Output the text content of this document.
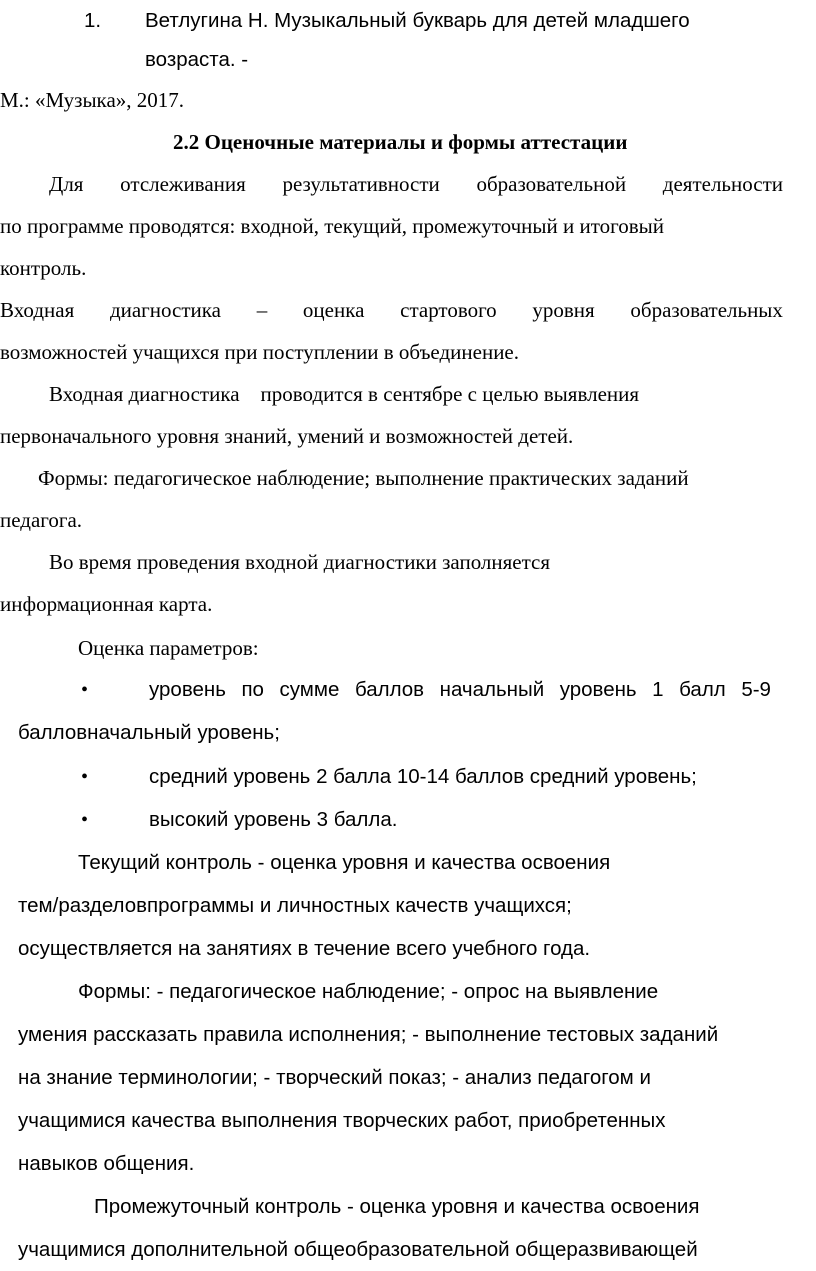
1. Ветлугина Н. Музыкальный букварь для детей младшего
возраста. -
М.: «Музыка», 2017.
2.2 Оценочные материалы и формы аттестации
Для отслеживания результативности образовательной деятельности
по программе проводятся: входной, текущий, промежуточный и итоговый
контроль.
Входная диагностика – оценка стартового уровня образовательных
возможностей учащихся при поступлении в объединение.
Входная диагностика    проводится в сентябре с целью выявления
первоначального уровня знаний, умений и возможностей детей.
Формы: педагогическое наблюдение; выполнение практических заданий
педагога.
Во время проведения входной диагностики заполняется
информационная карта.
Оценка параметров:
•	уровень по сумме баллов начальный уровень 1 балл 5-9
балловначальный уровень;
•	средний уровень 2 балла 10-14 баллов средний уровень;
•	высокий уровень 3 балла.
Текущий контроль - оценка уровня и качества освоения
тем/разделовпрограммы и личностных качеств учащихся;
осуществляется на занятиях в течение всего учебного года.
Формы: - педагогическое наблюдение; - опрос на выявление
умения рассказать правила исполнения; - выполнение тестовых заданий
на знание терминологии; - творческий показ; - анализ педагогом и
учащимися качества выполнения творческих работ, приобретенных
навыков общения.
Промежуточный контроль - оценка уровня и качества освоения
учащимися дополнительной общеобразовательной общеразвивающей
